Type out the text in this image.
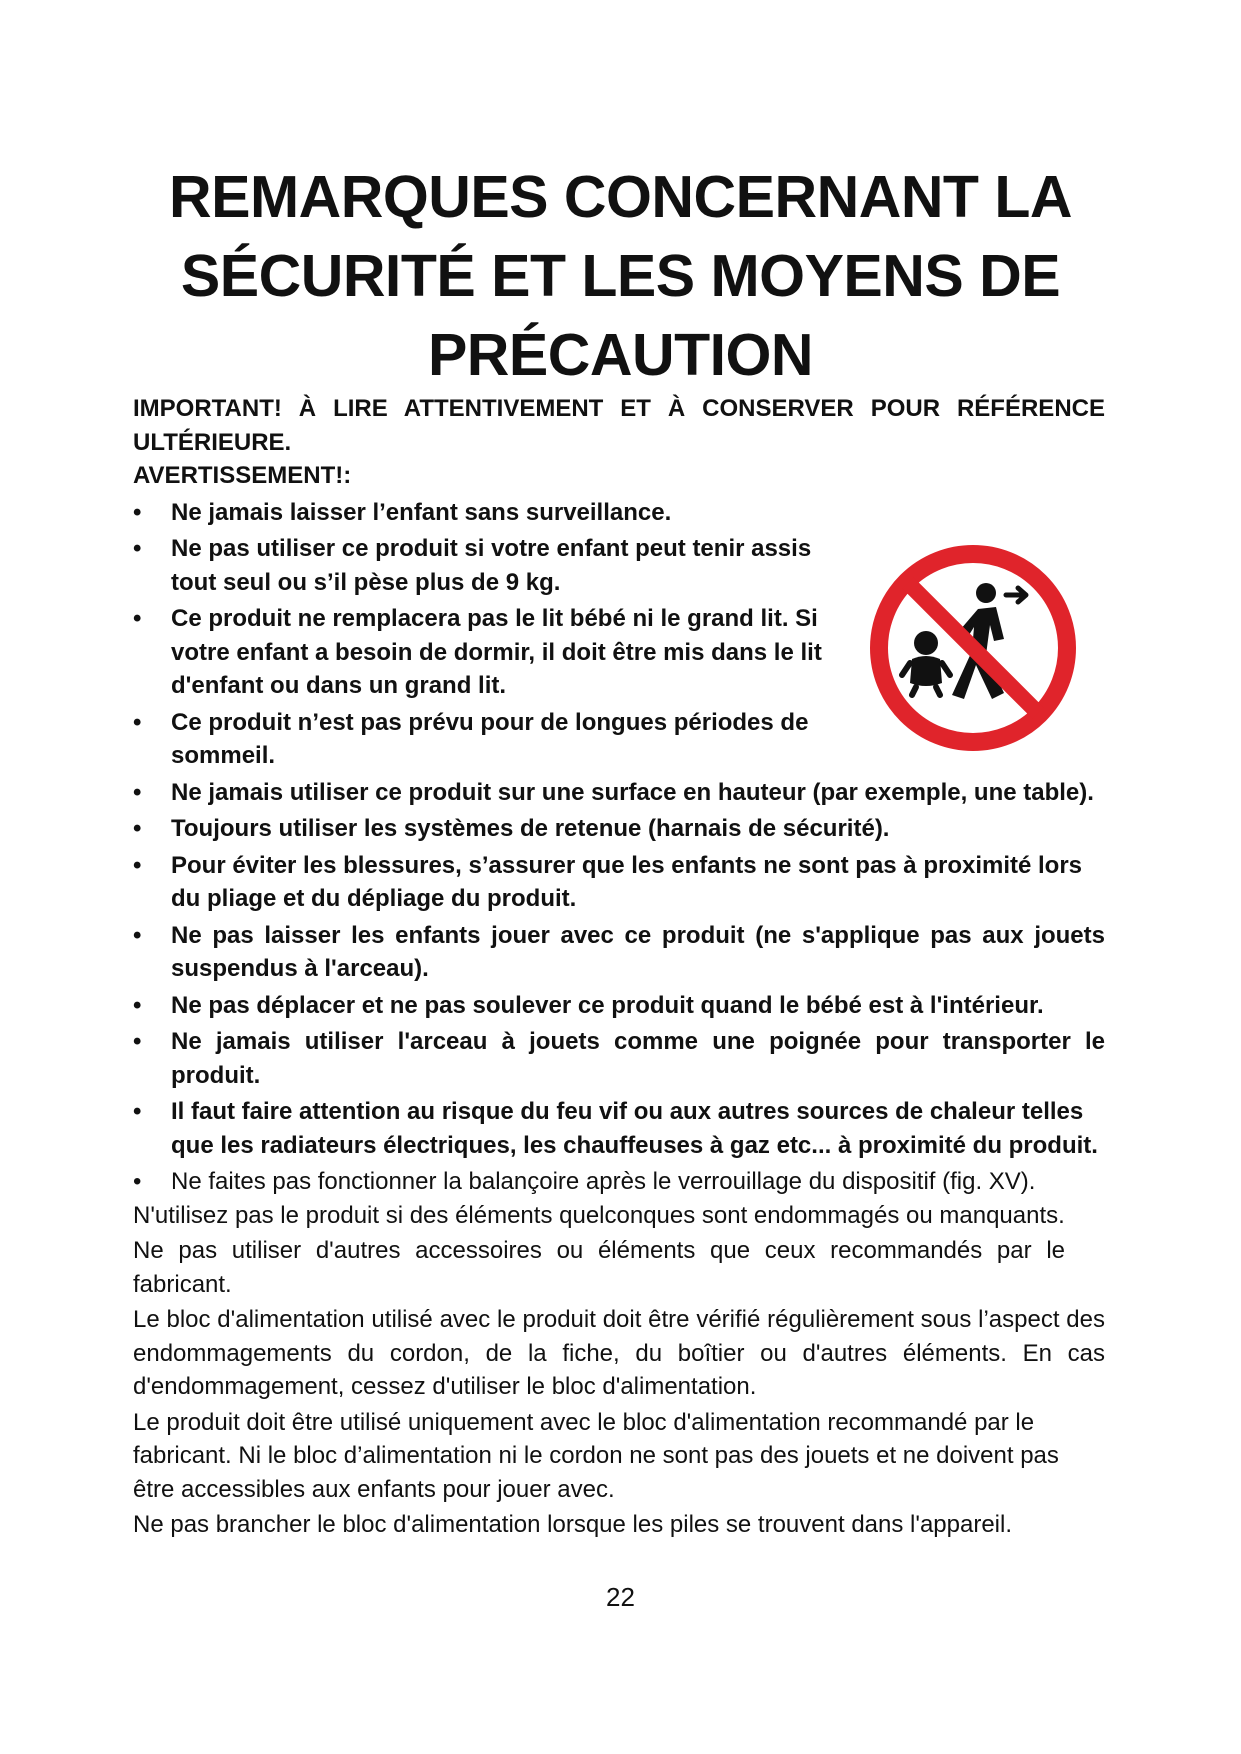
REMARQUES CONCERNANT LA
SÉCURITÉ ET LES MOYENS DE
PRÉCAUTION

IMPORTANT! À LIRE ATTENTIVEMENT ET À CONSERVER POUR RÉFÉRENCE

ULTÉRIEURE.

AVERTISSEMENT!:

• Ne jamais laisser l’enfant sans surveillance.

• Ne pas utiliser ce produit si votre enfant peut tenir assis tout seul ou s’il pèse plus de 9 kg.

• Ce produit ne remplacera pas le lit bébé ni le grand lit. Si votre enfant a besoin de dormir, il doit être mis dans le lit d'enfant ou dans un grand lit.

• Ce produit n’est pas prévu pour de longues périodes de sommeil.

• Ne jamais utiliser ce produit sur une surface en hauteur (par exemple, une table).

• Toujours utiliser les systèmes de retenue (harnais de sécurité).

• Pour éviter les blessures, s’assurer que les enfants ne sont pas à proximité lors du pliage et du dépliage du produit.

• Ne pas laisser les enfants jouer avec ce produit (ne s'applique pas aux jouets suspendus à l'arceau).

• Ne pas déplacer et ne pas soulever ce produit quand le bébé est à l'intérieur.

• Ne jamais utiliser l'arceau à jouets comme une poignée pour transporter le produit.

• Il faut faire attention au risque du feu vif ou aux autres sources de chaleur telles que les radiateurs électriques, les chauffeuses à gaz etc... à proximité du produit.

• Ne faites pas fonctionner la balançoire après le verrouillage du dispositif (fig. XV).

N'utilisez pas le produit si des éléments quelconques sont endommagés ou manquants.

Ne pas utiliser d'autres accessoires ou éléments que ceux recommandés par le fabricant.

Le bloc d'alimentation utilisé avec le produit doit être vérifié régulièrement sous l’aspect des endommagements du cordon, de la fiche, du boîtier ou d'autres éléments. En cas d'endommagement, cessez d'utiliser le bloc d'alimentation.

Le produit doit être utilisé uniquement avec le bloc d'alimentation recommandé par le fabricant. Ni le bloc d’alimentation ni le cordon ne sont pas des jouets et ne doivent pas être accessibles aux enfants pour jouer avec.

Ne pas brancher le bloc d'alimentation lorsque les piles se trouvent dans l'appareil.

22
